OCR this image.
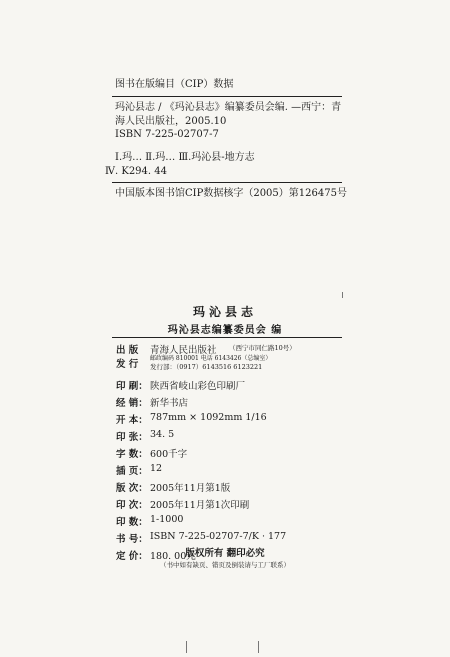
图书在版编目（CIP）数据
玛沁县志 / 《玛沁县志》编纂委员会编. —西宁：青
海人民出版社，2005.10
ISBN 7-225-02707-7
Ⅰ.玛… Ⅱ.玛… Ⅲ.玛沁县-地方志
Ⅳ. K294. 44
中国版本图书馆CIP数据核字（2005）第126475号
玛沁县志
玛沁县志编纂委员会 编
出 版
发 行
青海人民出版社 （西宁市同仁路10号）
邮政编码 810001 电话 6143426（总编室）
发行部：（0917）6143516 6123221
印 刷： 陕西省岐山彩色印刷厂
经 销： 新华书店
开 本： 787mm × 1092mm 1/16
印 张： 34. 5
字 数： 600千字
插 页： 12
版 次： 2005年11月第1版
印 次： 2005年11月第1次印刷
印 数： 1-1000
书 号： ISBN 7-225-02707-7/K · 177
定 价： 180. 00元
版权所有 翻印必究
（书中如有缺页、错页及倒装请与工厂联系）
